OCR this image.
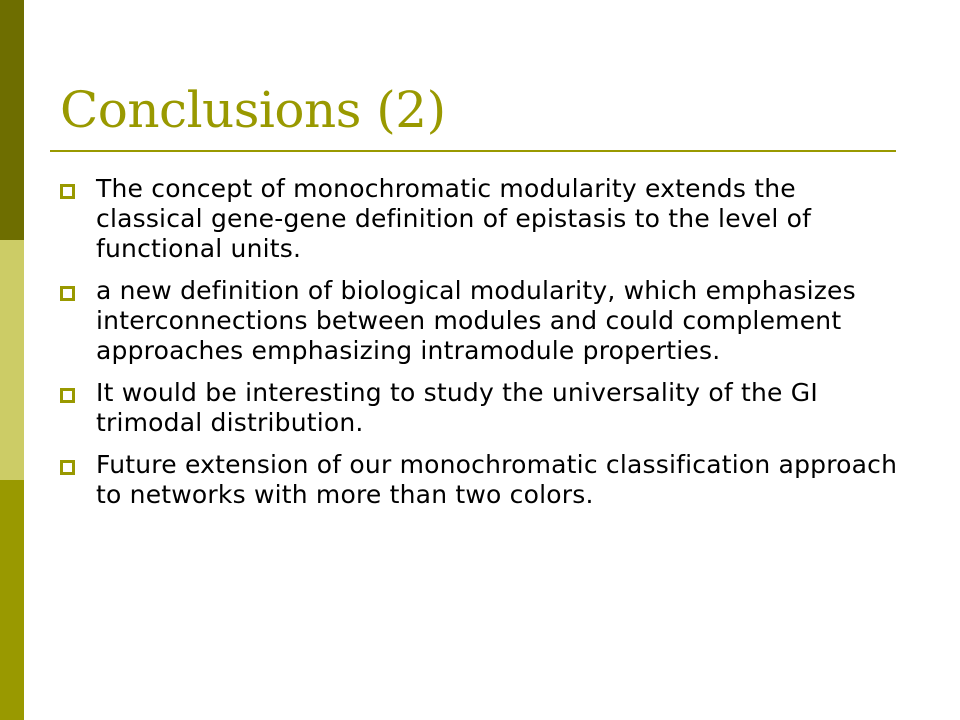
Conclusions (2)
The concept of monochromatic modularity extends the classical gene-gene definition of epistasis to the level of functional units.
a new definition of biological modularity, which emphasizes interconnections between modules and could complement approaches emphasizing intramodule properties.
It would be interesting to study the universality of the GI trimodal distribution.
Future extension of our monochromatic classification approach to networks with more than two colors.
